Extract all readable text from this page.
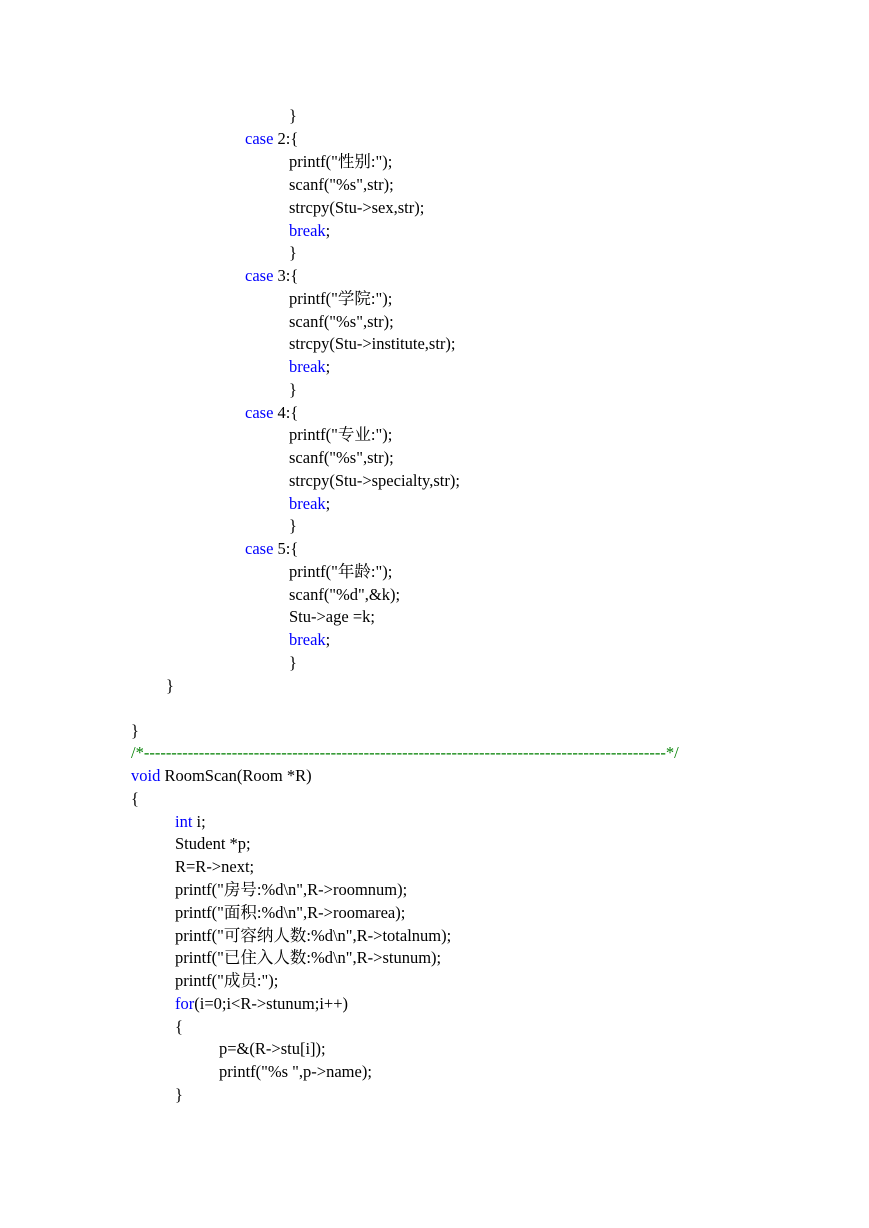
}
case 2:{
printf("性别:");
scanf("%s",str);
strcpy(Stu->sex,str);
break;
}
case 3:{
printf("学院:");
scanf("%s",str);
strcpy(Stu->institute,str);
break;
}
case 4:{
printf("专业:");
scanf("%s",str);
strcpy(Stu->specialty,str);
break;
}
case 5:{
printf("年龄:");
scanf("%d",&k);
Stu->age =k;
break;
}
}
}
/*-----------------------------------------------------------------------------------------------*/
void RoomScan(Room *R)
{
int i;
Student *p;
R=R->next;
printf("房号:%d\n",R->roomnum);
printf("面积:%d\n",R->roomarea);
printf("可容纳人数:%d\n",R->totalnum);
printf("已住入人数:%d\n",R->stunum);
printf("成员:");
for(i=0;i<R->stunum;i++)
{
p=&(R->stu[i]);
printf("%s ",p->name);
}
